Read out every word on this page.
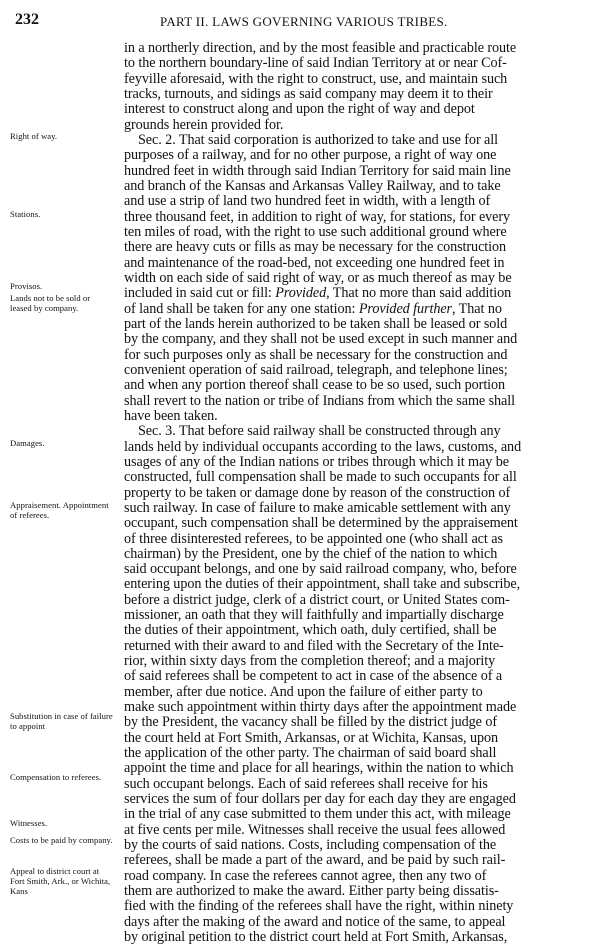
232	PART II. LAWS GOVERNING VARIOUS TRIBES.
Right of way.
Stations.
Provisos.
Lands not to be sold or leased by company.
Damages.
Appraisement. Appointment of referees.
Substitution in case of failure to appoint
Compensation to referees.
Witnesses.
Costs to be paid by company.
Appeal to district court at Fort Smith, Ark., or Wichita, Kans
in a northerly direction, and by the most feasible and practicable route
to the northern boundary-line of said Indian Territory at or near Cof-
feyville aforesaid, with the right to construct, use, and maintain such
tracks, turnouts, and sidings as said company may deem it to their
interest to construct along and upon the right of way and depot
grounds herein provided for.
Sec. 2. That said corporation is authorized to take and use for all
purposes of a railway, and for no other purpose, a right of way one
hundred feet in width through said Indian Territory for said main line
and branch of the Kansas and Arkansas Valley Railway, and to take
and use a strip of land two hundred feet in width, with a length of
three thousand feet, in addition to right of way, for stations, for every
ten miles of road, with the right to use such additional ground where
there are heavy cuts or fills as may be necessary for the construction
and maintenance of the road-bed, not exceeding one hundred feet in
width on each side of said right of way, or as much thereof as may be
included in said cut or fill: Provided, That no more than said addition
of land shall be taken for any one station: Provided further, That no
part of the lands herein authorized to be taken shall be leased or sold
by the company, and they shall not be used except in such manner and
for such purposes only as shall be necessary for the construction and
convenient operation of said railroad, telegraph, and telephone lines;
and when any portion thereof shall cease to be so used, such portion
shall revert to the nation or tribe of Indians from which the same shall
have been taken.
Sec. 3. That before said railway shall be constructed through any
lands held by individual occupants according to the laws, customs, and
usages of any of the Indian nations or tribes through which it may be
constructed, full compensation shall be made to such occupants for all
property to be taken or damage done by reason of the construction of
such railway. In case of failure to make amicable settlement with any
occupant, such compensation shall be determined by the appraisement
of three disinterested referees, to be appointed one (who shall act as
chairman) by the President, one by the chief of the nation to which
said occupant belongs, and one by said railroad company, who, before
entering upon the duties of their appointment, shall take and subscribe,
before a district judge, clerk of a district court, or United States com-
missioner, an oath that they will faithfully and impartially discharge
the duties of their appointment, which oath, duly certified, shall be
returned with their award to and filed with the Secretary of the Inte-
rior, within sixty days from the completion thereof; and a majority
of said referees shall be competent to act in case of the absence of a
member, after due notice. And upon the failure of either party to
make such appointment within thirty days after the appointment made
by the President, the vacancy shall be filled by the district judge of
the court held at Fort Smith, Arkansas, or at Wichita, Kansas, upon
the application of the other party. The chairman of said board shall
appoint the time and place for all hearings, within the nation to which
such occupant belongs. Each of said referees shall receive for his
services the sum of four dollars per day for each day they are engaged
in the trial of any case submitted to them under this act, with mileage
at five cents per mile. Witnesses shall receive the usual fees allowed
by the courts of said nations. Costs, including compensation of the
referees, shall be made a part of the award, and be paid by such rail-
road company. In case the referees cannot agree, then any two of
them are authorized to make the award. Either party being dissatis-
fied with the finding of the referees shall have the right, within ninety
days after the making of the award and notice of the same, to appeal
by original petition to the district court held at Fort Smith, Arkansas,
